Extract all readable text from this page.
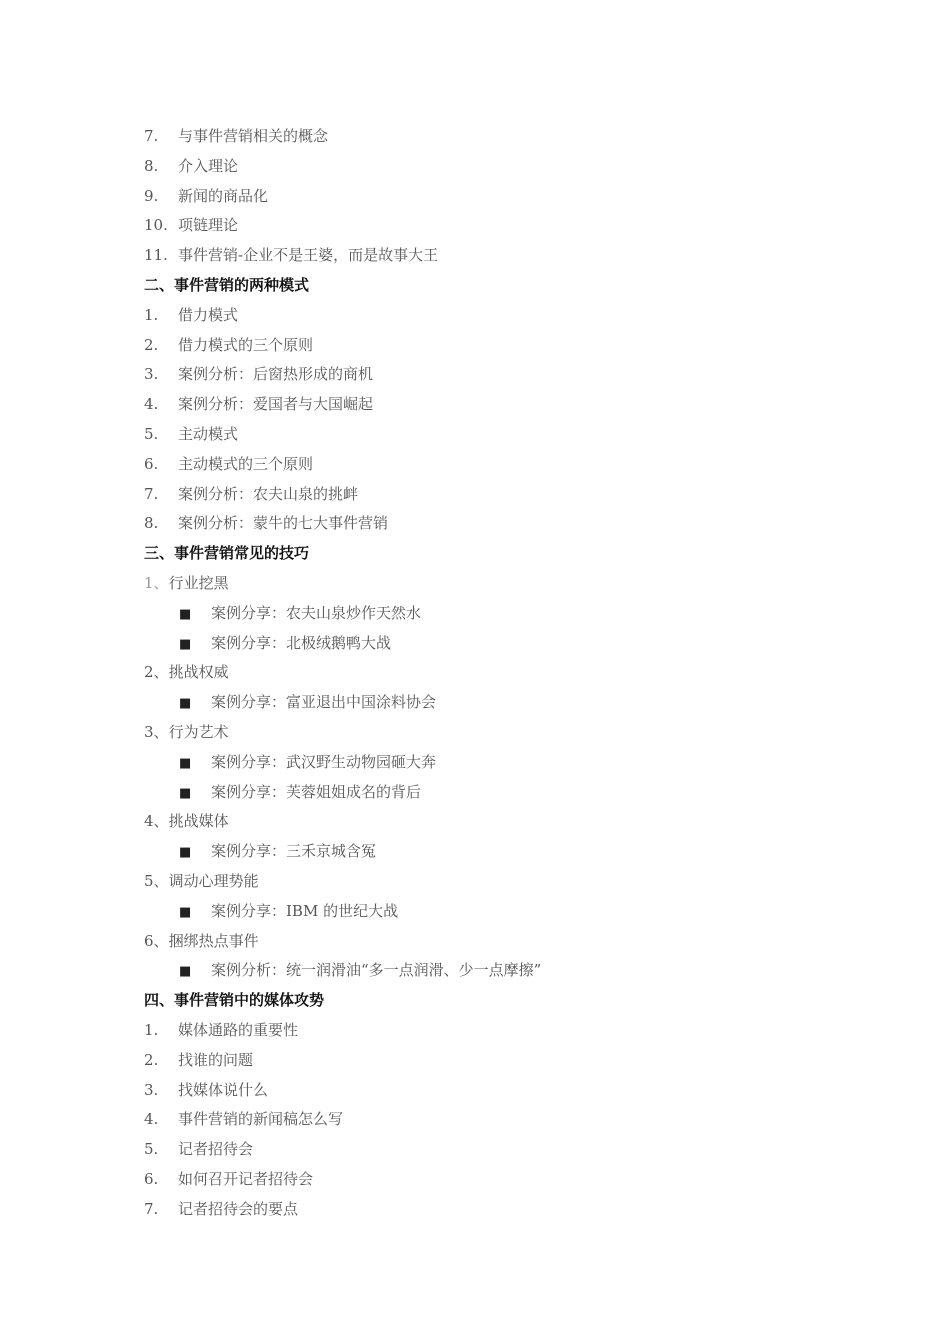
7. 与事件营销相关的概念
8. 介入理论
9. 新闻的商品化
10. 项链理论
11. 事件营销-企业不是王婆，而是故事大王
二、事件营销的两种模式
1. 借力模式
2. 借力模式的三个原则
3. 案例分析：后窗热形成的商机
4. 案例分析：爱国者与大国崛起
5. 主动模式
6. 主动模式的三个原则
7. 案例分析：农夫山泉的挑衅
8. 案例分析：蒙牛的七大事件营销
三、事件营销常见的技巧
1、行业挖黑
■ 案例分享：农夫山泉炒作天然水
■ 案例分享：北极绒鹅鸭大战
2、挑战权威
■ 案例分享：富亚退出中国涂料协会
3、行为艺术
■ 案例分享：武汉野生动物园砸大奔
■ 案例分享：芙蓉姐姐成名的背后
4、挑战媒体
■ 案例分享：三禾京城含冤
5、调动心理势能
■ 案例分享：IBM 的世纪大战
6、捆绑热点事件
■ 案例分析：统一润滑油“多一点润滑、少一点摩擦”
四、事件营销中的媒体攻势
1. 媒体通路的重要性
2. 找谁的问题
3. 找媒体说什么
4. 事件营销的新闻稿怎么写
5. 记者招待会
6. 如何召开记者招待会
7. 记者招待会的要点
